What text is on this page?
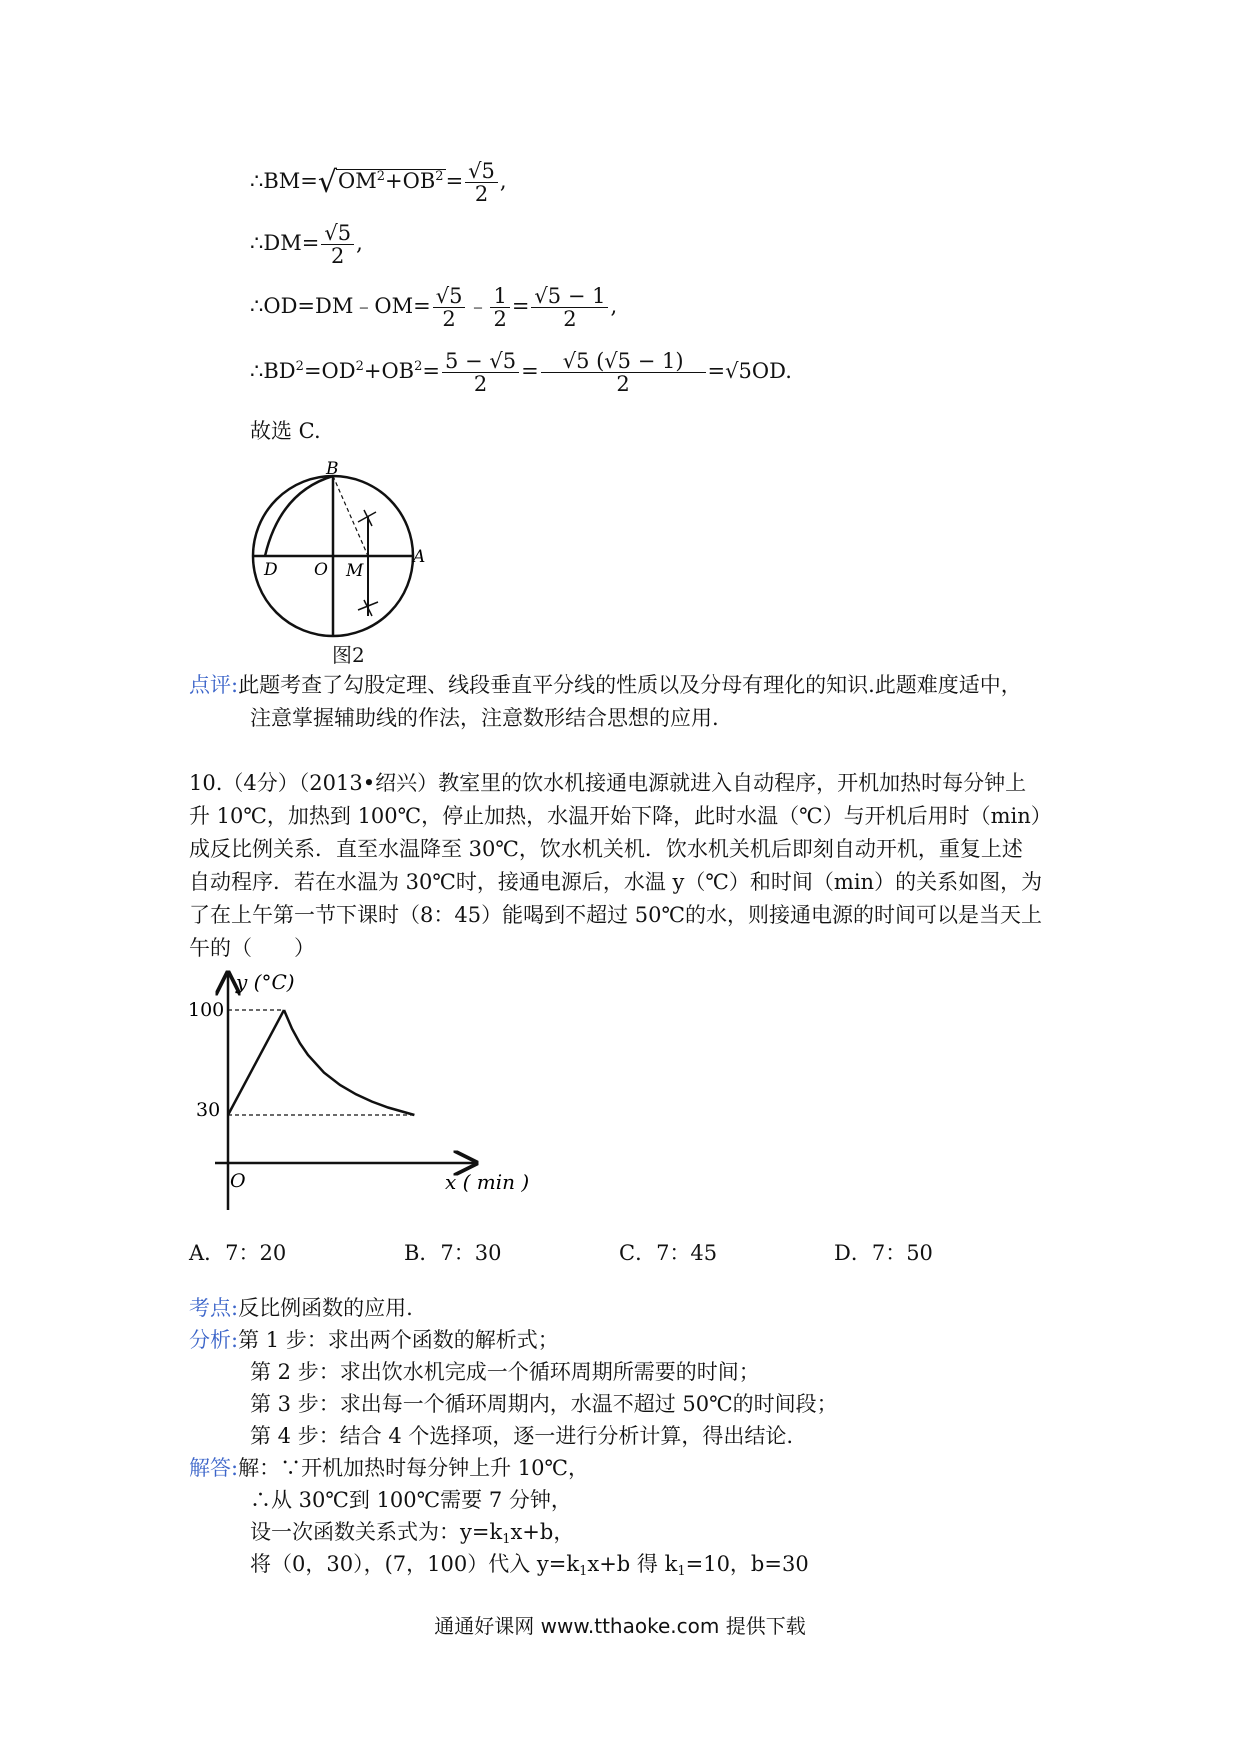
$\therefore BM=√OM^2+OB^2= \frac{√5}{2}$ ,
∴DM= $\frac{√5}{2}$ ,
∴OD=DM﹣OM= $\frac{√5}{2}$ ﹣ $\frac{1}{2} = \frac{√5 - 1}{2}$ ,
$\therefore BD^2=OD^2+OB^2= \frac{5 - √5}{2} = \frac{√5 (√5 - 1)}{2} =√5OD$.
故选 C.
B
D O M
A
图2
点评:此题考查了勾股定理、线段垂直平分线的性质以及分母有理化的知识.此题难度适中，
注意掌握辅助线的作法，注意数形结合思想的应用.
10.（4分）（2013•绍兴）教室里的饮水机接通电源就进入自动程序，开机加热时每分钟上
升 10℃，加热到 100℃，停止加热，水温开始下降，此时水温（℃）与开机后用时（min）
成反比例关系．直至水温降至 30℃，饮水机关机．饮水机关机后即刻自动开机，重复上述
自动程序．若在水温为 30℃时，接通电源后，水温 y（℃）和时间（min）的关系如图，为
了在上午第一节下课时（8：45）能喝到不超过 50℃的水，则接通电源的时间可以是当天上
午的（　　）
y (°C)
x ( min )
O
100
30
A．7：20	B．7：30	C．7：45	D．7：50
考点:反比例函数的应用.
分析:第 1 步：求出两个函数的解析式；
第 2 步：求出饮水机完成一个循环周期所需要的时间；
第 3 步：求出每一个循环周期内，水温不超过 50℃的时间段；
第 4 步：结合 4 个选择项，逐一进行分析计算，得出结论.
解答:解：∵开机加热时每分钟上升 10℃，
∴从 30℃到 100℃需要 7 分钟，
设一次函数关系式为：$y=k_1x+b$，
将（0，30），(7，100）代入 $y=k_1x+b$ 得 $k_1=10$，b=30
通通好课网 www.tthaoke.com 提供下载
